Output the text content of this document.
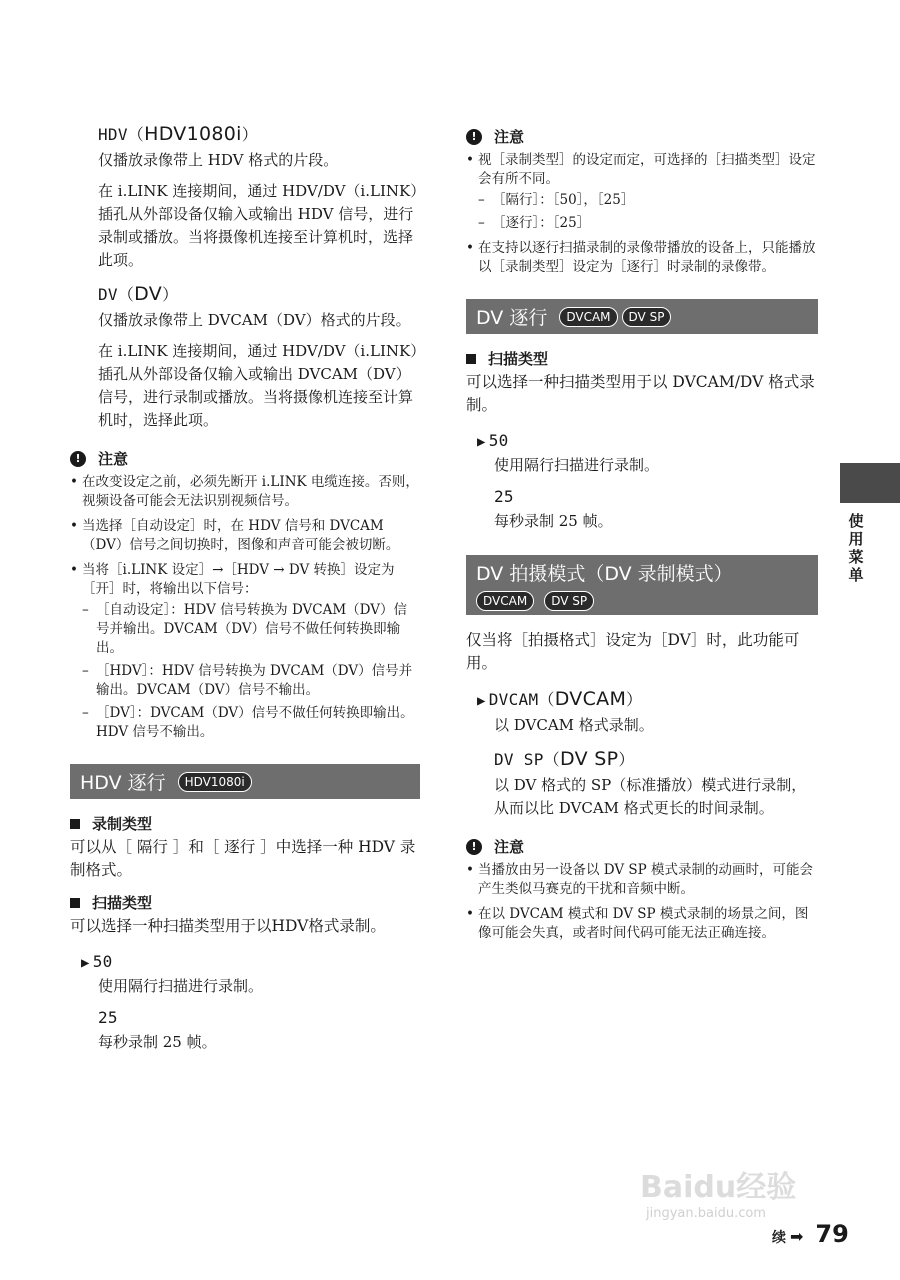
HDV（HDV1080i）
仅播放录像带上 HDV 格式的片段。
在 i.LINK 连接期间，通过 HDV/DV（i.LINK）插孔从外部设备仅输入或输出 HDV 信号，进行录制或播放。当将摄像机连接至计算机时，选择此项。
DV（DV）
仅播放录像带上 DVCAM（DV）格式的片段。
在 i.LINK 连接期间，通过 HDV/DV（i.LINK）插孔从外部设备仅输入或输出 DVCAM（DV）信号，进行录制或播放。当将摄像机连接至计算机时，选择此项。
!	注意
• 在改变设定之前，必须先断开 i.LINK 电缆连接。否则，视频设备可能会无法识别视频信号。
• 当选择［自动设定］时，在 HDV 信号和 DVCAM（DV）信号之间切换时，图像和声音可能会被切断。
• 当将［i.LINK 设定］→［HDV → DV 转换］设定为［开］时，将输出以下信号：
– ［自动设定］：HDV 信号转换为 DVCAM（DV）信号并输出。DVCAM（DV）信号不做任何转换即输出。
– ［HDV］：HDV 信号转换为 DVCAM（DV）信号并输出。DVCAM（DV）信号不输出。
– ［DV］：DVCAM（DV）信号不做任何转换即输出。HDV 信号不输出。
HDV 逐行	HDV1080i
录制类型
可以从［ 隔行 ］和［ 逐行 ］中选择一种 HDV 录制格式。
扫描类型
可以选择一种扫描类型用于以HDV格式录制。
▶ 50
使用隔行扫描进行录制。
25
每秒录制 25 帧。
!	注意
• 视［录制类型］的设定而定，可选择的［扫描类型］设定会有所不同。
– ［隔行］：［50］，［25］
– ［逐行］：［25］
• 在支持以逐行扫描录制的录像带播放的设备上，只能播放以［录制类型］设定为［逐行］时录制的录像带。
DV 逐行	DVCAM	DV SP
扫描类型
可以选择一种扫描类型用于以 DVCAM/DV 格式录制。
▶ 50
使用隔行扫描进行录制。
25
每秒录制 25 帧。
DV 拍摄模式（DV 录制模式）
DVCAM DV SP
仅当将［拍摄格式］设定为［DV］时，此功能可用。
▶ DVCAM（DVCAM）
以 DVCAM 格式录制。
DV SP（DV SP）
以 DV 格式的 SP（标准播放）模式进行录制，从而以比 DVCAM 格式更长的时间录制。
!	注意
• 当播放由另一设备以 DV SP 模式录制的动画时，可能会产生类似马赛克的干扰和音频中断。
• 在以 DVCAM 模式和 DV SP 模式录制的场景之间，图像可能会失真，或者时间代码可能无法正确连接。
使用菜单
Baidu经验
jingyan.baidu.com
续 ➡ 79
